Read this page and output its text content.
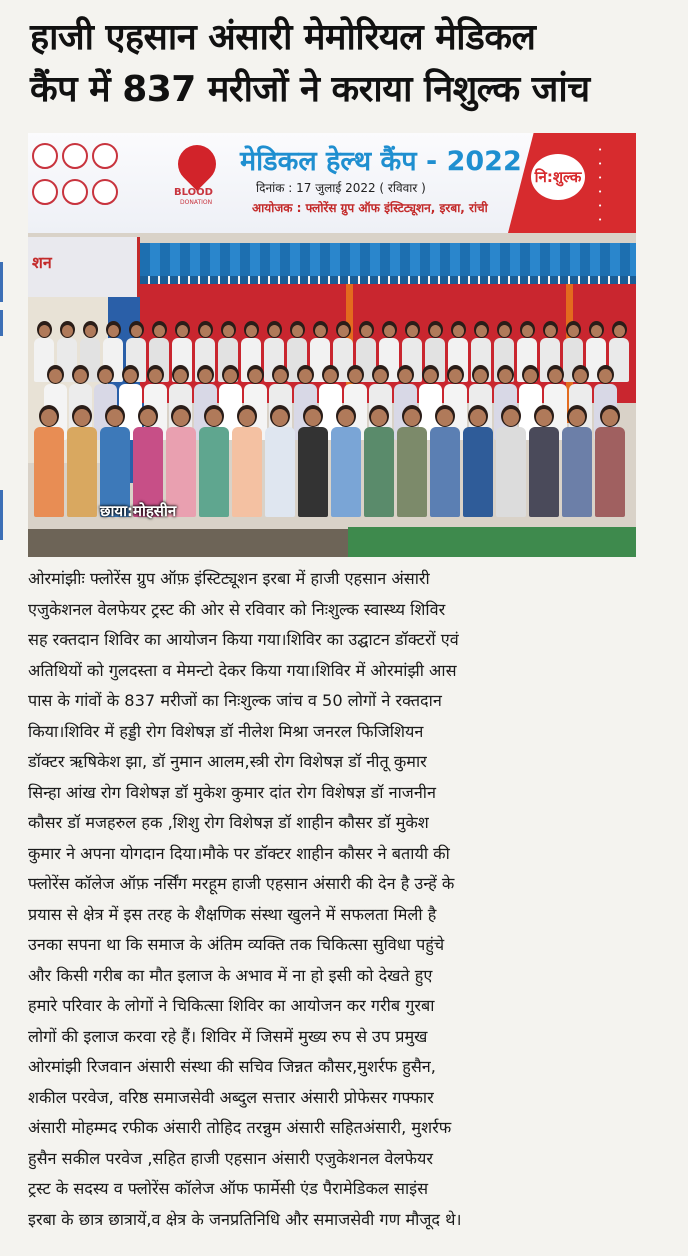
हाजी एहसान अंसारी मेमोरियल मेडिकल
कैंप में 837 मरीजों ने कराया निशुल्क जांच
BLOOD
DONATION
मेडिकल हेल्थ कैंप - 2022
दिनांक : 17 जुलाई 2022 ( रविवार )
आयोजक : फ्लोरेंस ग्रुप ऑफ इंस्टिट्यूशन, इरबा, रांची
नि:शुल्क
•
•
•
•
•
•
शन
छाया:मोहसीन
ओरमांझीः फ्लोरेंस ग्रुप ऑफ़ इंस्टिट्यूशन इरबा में हाजी एहसान अंसारी
एजुकेशनल वेलफेयर ट्रस्ट की ओर से रविवार को निःशुल्क स्वास्थ्य शिविर
सह रक्तदान शिविर का आयोजन किया गया।शिविर का उद्घाटन डॉक्टरों एवं
अतिथियों को गुलदस्ता व मेमन्टो देकर किया गया।शिविर में ओरमांझी आस
पास के गांवों के 837 मरीजों का निःशुल्क जांच व 50 लोगों ने रक्तदान
किया।शिविर में हड्डी रोग विशेषज्ञ डॉ नीलेश मिश्रा जनरल फिजिशियन
डॉक्टर ऋषिकेश झा, डॉ नुमान आलम,स्त्री रोग विशेषज्ञ डॉ नीतू कुमार
सिन्हा आंख रोग विशेषज्ञ डॉ मुकेश कुमार दांत रोग विशेषज्ञ डॉ नाजनीन
कौसर डॉ मजहरुल हक ,शिशु रोग विशेषज्ञ डॉ शाहीन कौसर डॉ मुकेश
कुमार ने अपना योगदान दिया।मौके पर डॉक्टर शाहीन कौसर ने बतायी की
फ्लोरेंस कॉलेज ऑफ़ नर्सिंग मरहूम हाजी एहसान अंसारी की देन है उन्हें के
प्रयास से क्षेत्र में इस तरह के शैक्षणिक संस्था खुलने में सफलता मिली है
उनका सपना था कि समाज के अंतिम व्यक्ति तक चिकित्सा सुविधा पहुंचे
और किसी गरीब का मौत इलाज के अभाव में ना हो इसी को देखते हुए
हमारे परिवार के लोगों ने चिकित्सा शिविर का आयोजन कर गरीब गुरबा
लोगों की इलाज करवा रहे हैं। शिविर में जिसमें मुख्य रुप से उप प्रमुख
ओरमांझी रिजवान अंसारी संस्था की सचिव जिन्नत कौसर,मुशर्रफ हुसैन,
शकील परवेज, वरिष्ठ समाजसेवी अब्दुल सत्तार अंसारी प्रोफेसर गफ्फार
अंसारी मोहम्मद रफीक अंसारी तोहिद तरन्नुम अंसारी सहितअंसारी, मुशर्रफ
हुसैन सकील परवेज ,सहित हाजी एहसान अंसारी एजुकेशनल वेलफेयर
ट्रस्ट के सदस्य व फ्लोरेंस कॉलेज ऑफ फार्मेसी एंड पैरामेडिकल साइंस
इरबा के छात्र छात्रायें,व क्षेत्र के जनप्रतिनिधि और समाजसेवी गण मौजूद थे।
